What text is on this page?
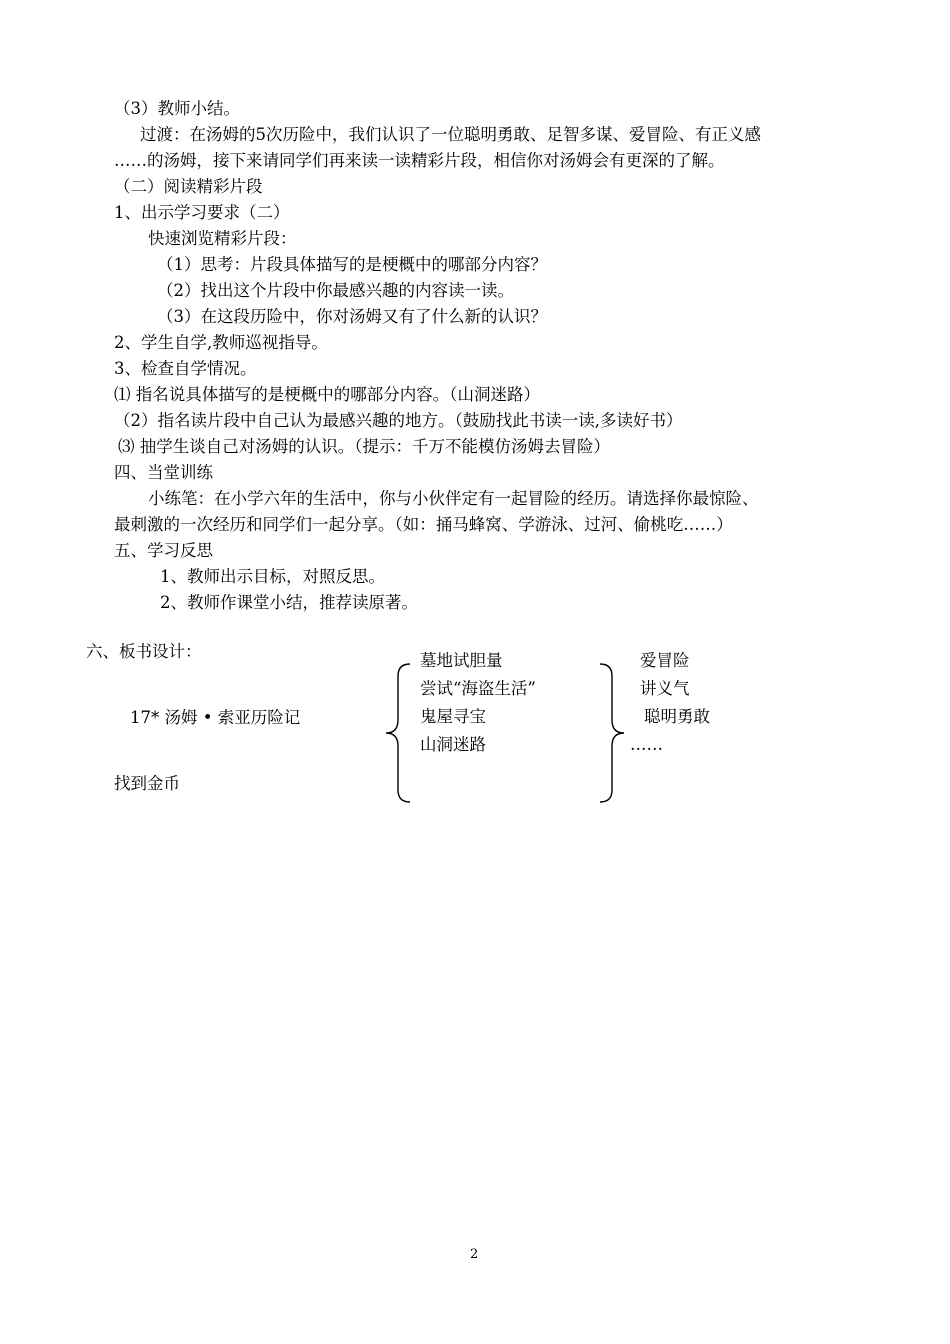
（3）教师小结。
过渡：在汤姆的5次历险中，我们认识了一位聪明勇敢、足智多谋、爱冒险、有正义感
……的汤姆，接下来请同学们再来读一读精彩片段，相信你对汤姆会有更深的了解。
（二）阅读精彩片段
1、出示学习要求（二）
快速浏览精彩片段：
（1）思考：片段具体描写的是梗概中的哪部分内容？
（2）找出这个片段中你最感兴趣的内容读一读。
（3）在这段历险中，你对汤姆又有了什么新的认识？
2、学生自学,教师巡视指导。
3、检查自学情况。
⑴ 指名说具体描写的是梗概中的哪部分内容。（山洞迷路）
（2）指名读片段中自己认为最感兴趣的地方。（鼓励找此书读一读,多读好书）
⑶ 抽学生谈自己对汤姆的认识。（提示：千万不能模仿汤姆去冒险）
四、当堂训练
小练笔：在小学六年的生活中，你与小伙伴定有一起冒险的经历。请选择你最惊险、
最刺激的一次经历和同学们一起分享。（如：捅马蜂窝、学游泳、过河、偷桃吃……）
五、学习反思
1、教师出示目标，对照反思。
2、教师作课堂小结，推荐读原著。
六、板书设计：
17* 汤姆 • 索亚历险记
找到金币
墓地试胆量
尝试“海盗生活”
鬼屋寻宝
山洞迷路
爱冒险
讲义气
聪明勇敢
……
2
